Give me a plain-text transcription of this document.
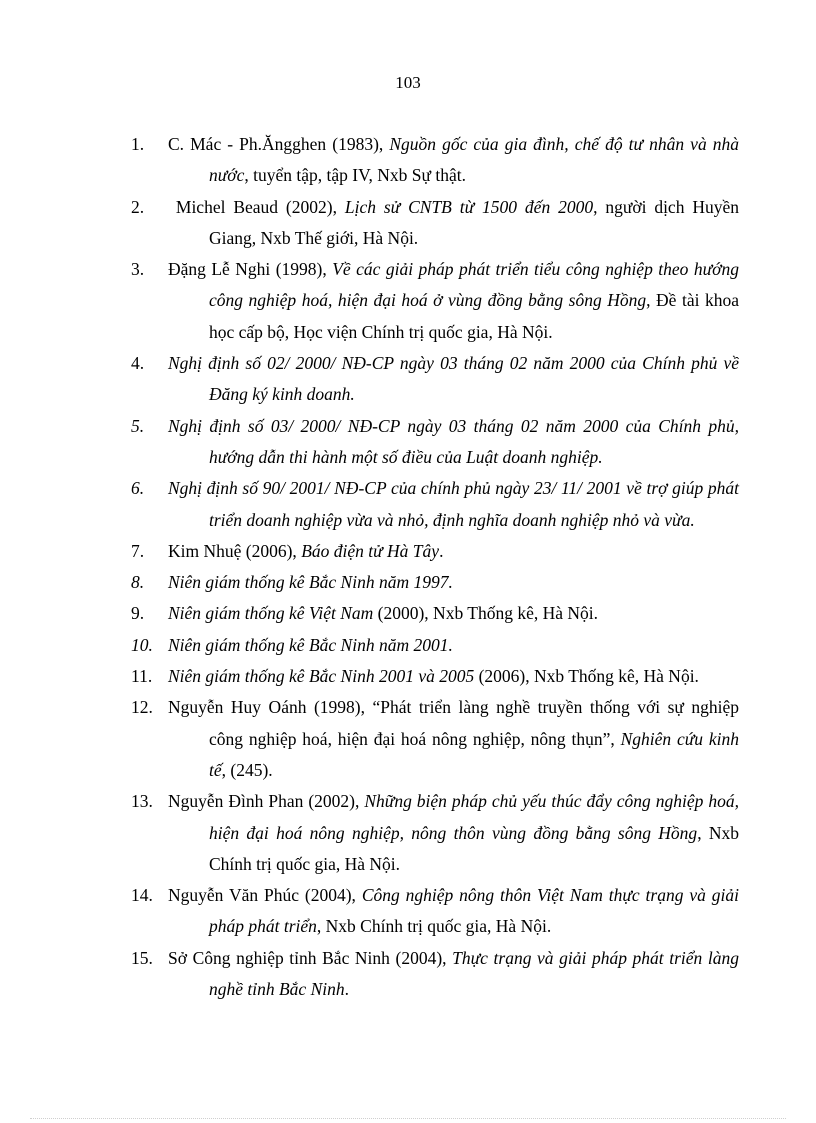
103
1. C. Mác - Ph.Ăngghen (1983), Nguồn gốc của gia đình, chế độ tư nhân và nhà nước, tuyển tập, tập IV, Nxb Sự thật.
2. Michel Beaud (2002), Lịch sử CNTB từ 1500 đến 2000, người dịch Huyền Giang, Nxb Thế giới, Hà Nội.
3. Đặng Lễ Nghi (1998), Về các giải pháp phát triển tiểu công nghiệp theo hướng công nghiệp hoá, hiện đại hoá ở vùng đồng bằng sông Hồng, Đề tài khoa học cấp bộ, Học viện Chính trị quốc gia, Hà Nội.
4. Nghị định số 02/ 2000/ NĐ-CP ngày 03 tháng 02 năm 2000 của Chính phủ về Đăng ký kinh doanh.
5. Nghị định số 03/ 2000/ NĐ-CP ngày 03 tháng 02 năm 2000 của Chính phủ, hướng dẫn thi hành một số điều của Luật doanh nghiệp.
6. Nghị định số 90/ 2001/ NĐ-CP của chính phủ ngày 23/ 11/ 2001 về trợ giúp phát triển doanh nghiệp vừa và nhỏ, định nghĩa doanh nghiệp nhỏ và vừa.
7. Kim Nhuệ (2006), Báo điện tử Hà Tây.
8. Niên giám thống kê Bắc Ninh năm 1997.
9. Niên giám thống kê Việt Nam (2000), Nxb Thống kê, Hà Nội.
10. Niên giám thống kê Bắc Ninh năm 2001.
11. Niên giám thống kê Bắc Ninh 2001 và 2005 (2006), Nxb Thống kê, Hà Nội.
12. Nguyễn Huy Oánh (1998), “Phát triển làng nghề truyền thống với sự nghiệp công nghiệp hoá, hiện đại hoá nông nghiệp, nông thụn”, Nghiên cứu kinh tế, (245).
13. Nguyễn Đình Phan (2002), Những biện pháp chủ yếu thúc đẩy công nghiệp hoá, hiện đại hoá nông nghiệp, nông thôn vùng đồng bằng sông Hồng, Nxb Chính trị quốc gia, Hà Nội.
14. Nguyễn Văn Phúc (2004), Công nghiệp nông thôn Việt Nam thực trạng và giải pháp phát triển, Nxb Chính trị quốc gia, Hà Nội.
15. Sở Công nghiệp tỉnh Bắc Ninh (2004), Thực trạng và giải pháp phát triển làng nghề tỉnh Bắc Ninh.
